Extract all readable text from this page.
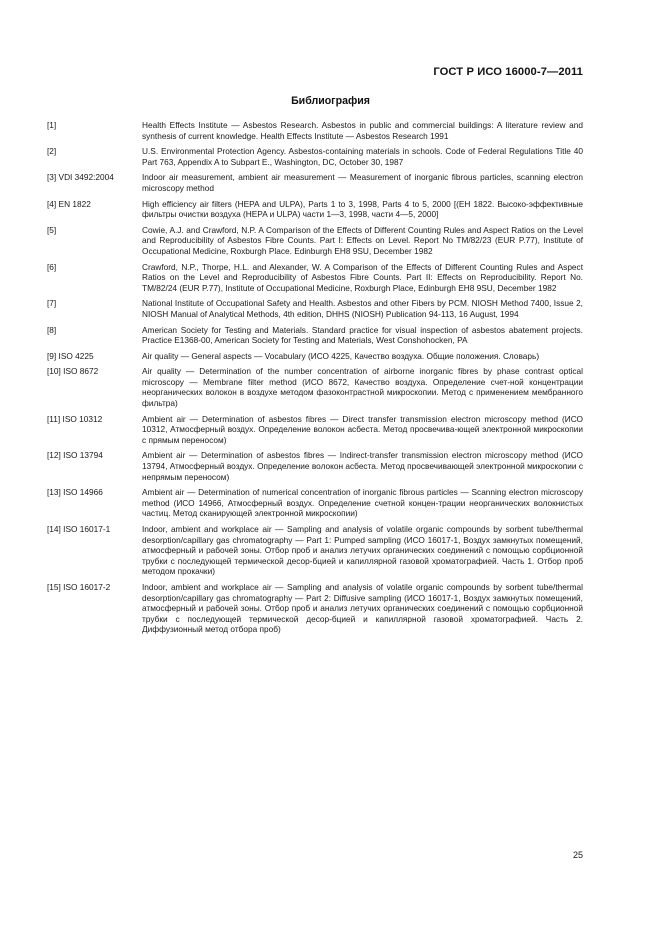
ГОСТ Р ИСО 16000-7—2011
Библиография
[1]	Health Effects Institute — Asbestos Research. Asbestos in public and commercial buildings: A literature review and synthesis of current knowledge. Health Effects Institute — Asbestos Research 1991
[2]	U.S. Environmental Protection Agency. Asbestos-containing materials in schools. Code of Federal Regulations Title 40 Part 763, Appendix A to Subpart E., Washington, DC, October 30, 1987
[3] VDI 3492:2004	Indoor air measurement, ambient air measurement — Measurement of inorganic fibrous particles, scanning electron microscopy method
[4] EN 1822	High efficiency air filters (HEPA and ULPA), Parts 1 to 3, 1998, Parts 4 to 5, 2000 [(EH 1822. Высоко-эффективные фильтры очистки воздуха (HEPA и ULPA) части 1—3, 1998, части 4—5, 2000]
[5]	Cowie, A.J. and Crawford, N.P. A Comparison of the Effects of Different Counting Rules and Aspect Ratios on the Level and Reproducibility of Asbestos Fibre Counts. Part I: Effects on Level. Report No TM/82/23 (EUR P.77), Institute of Occupational Medicine, Roxburgh Place. Edinburgh EH8 9SU, December 1982
[6]	Crawford, N.P., Thorpe, H.L. and Alexander, W. A Comparison of the Effects of Different Counting Rules and Aspect Ratios on the Level and Reproducibility of Asbestos Fibre Counts. Part II: Effects on Reproducibility. Report No. TM/82/24 (EUR P.77), Institute of Occupational Medicine, Roxburgh Place, Edinburgh EH8 9SU, December 1982
[7]	National Institute of Occupational Safety and Health. Asbestos and other Fibers by PCM. NIOSH Method 7400, Issue 2, NIOSH Manual of Analytical Methods, 4th edition, DHHS (NIOSH) Publication 94-113, 16 August, 1994
[8]	American Society for Testing and Materials. Standard practice for visual inspection of asbestos abatement projects. Practice E1368-00, American Society for Testing and Materials, West Conshohocken, PA
[9] ISO 4225	Air quality — General aspects — Vocabulary (ИСО 4225, Качество воздуха. Общие положения. Словарь)
[10] ISO 8672	Air quality — Determination of the number concentration of airborne inorganic fibres by phase contrast optical microscopy — Membrane filter method (ИСО 8672, Качество воздуха. Определение счет-ной концентрации неорганических волокон в воздухе методом фазоконтрастной микроскопии. Метод с применением мембранного фильтра)
[11] ISO 10312	Ambient air — Determination of asbestos fibres — Direct transfer transmission electron microscopy method (ИСО 10312, Атмосферный воздух. Определение волокон асбеста. Метод просвечива-ющей электронной микроскопии с прямым переносом)
[12] ISO 13794	Ambient air — Determination of asbestos fibres — Indirect-transfer transmission electron microscopy method (ИСО 13794, Атмосферный воздух. Определение волокон асбеста. Метод просвечивающей электронной микроскопии с непрямым переносом)
[13] ISO 14966	Ambient air — Determination of numerical concentration of inorganic fibrous particles — Scanning electron microscopy method (ИСО 14966, Атмосферный воздух. Определение счетной концен-трации неорганических волокнистых частиц. Метод сканирующей электронной микроскопии)
[14] ISO 16017-1	Indoor, ambient and workplace air — Sampling and analysis of volatile organic compounds by sorbent tube/thermal desorption/capillary gas chromatography — Part 1: Pumped sampling (ИСО 16017-1, Воздух замкнутых помещений, атмосферный и рабочей зоны. Отбор проб и анализ летучих органических соединений с помощью сорбционной трубки с последующей термической десор-бцией и капиллярной газовой хроматографией. Часть 1. Отбор проб методом прокачки)
[15] ISO 16017-2	Indoor, ambient and workplace air — Sampling and analysis of volatile organic compounds by sorbent tube/thermal desorption/capillary gas chromatography — Part 2: Diffusive sampling (ИСО 16017-1, Воздух замкнутых помещений, атмосферный и рабочей зоны. Отбор проб и анализ летучих органических соединений с помощью сорбционной трубки с последующей термической десор-бцией и капиллярной газовой хроматографией. Часть 2. Диффузионный метод отбора проб)
25
